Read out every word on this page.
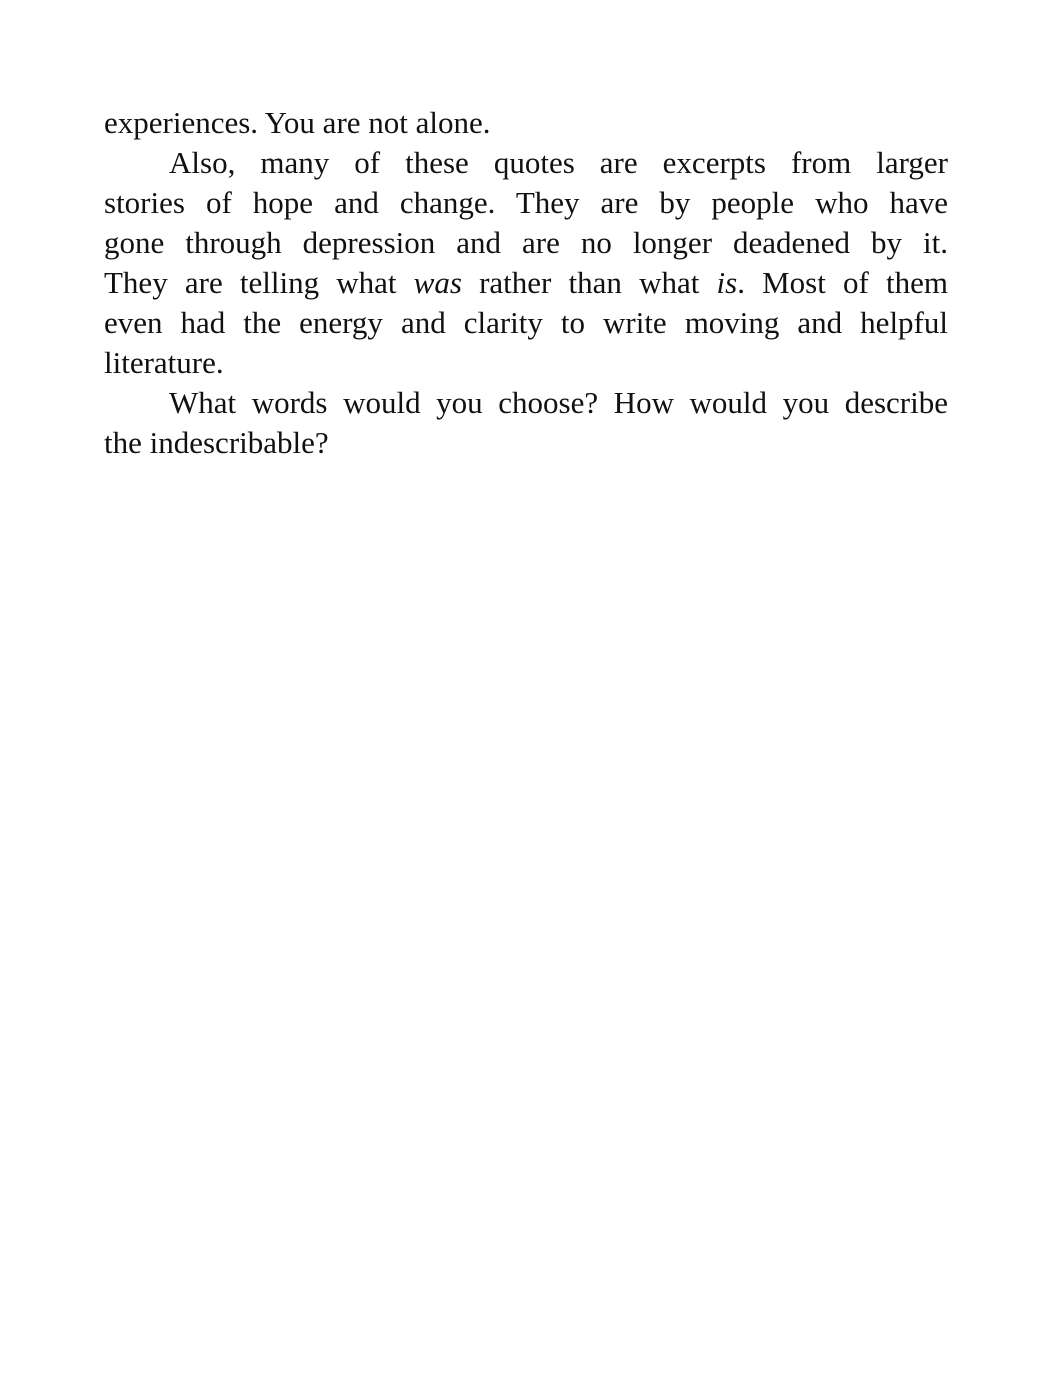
experiences. You are not alone.
Also, many of these quotes are excerpts from larger
stories of hope and change. They are by people who have
gone through depression and are no longer deadened by it.
They are telling what was rather than what is. Most of them
even had the energy and clarity to write moving and helpful
literature.
What words would you choose? How would you describe
the indescribable?
